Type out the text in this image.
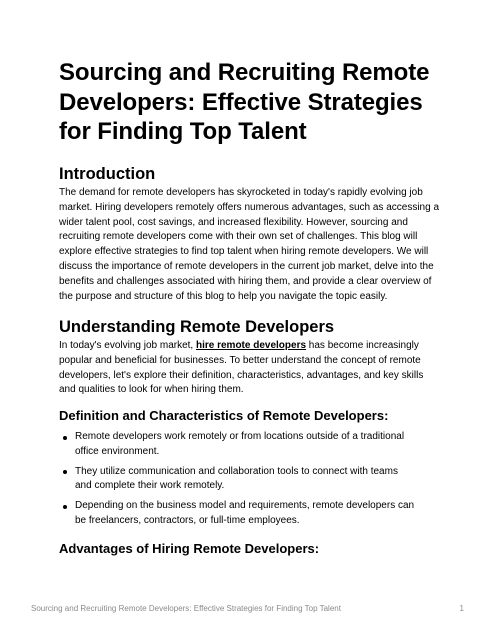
Sourcing and Recruiting Remote Developers: Effective Strategies for Finding Top Talent
Introduction

The demand for remote developers has skyrocketed in today's rapidly evolving job market. Hiring developers remotely offers numerous advantages, such as accessing a wider talent pool, cost savings, and increased flexibility. However, sourcing and recruiting remote developers come with their own set of challenges. This blog will explore effective strategies to find top talent when hiring remote developers. We will discuss the importance of remote developers in the current job market, delve into the benefits and challenges associated with hiring them, and provide a clear overview of the purpose and structure of this blog to help you navigate the topic easily.

Understanding Remote Developers

In today's evolving job market, hire remote developers has become increasingly popular and beneficial for businesses. To better understand the concept of remote developers, let's explore their definition, characteristics, advantages, and key skills and qualities to look for when hiring them.

Definition and Characteristics of Remote Developers:
Remote developers work remotely or from locations outside of a traditional office environment.
They utilize communication and collaboration tools to connect with teams and complete their work remotely.
Depending on the business model and requirements, remote developers can be freelancers, contractors, or full-time employees.
Advantages of Hiring Remote Developers:
Sourcing and Recruiting Remote Developers: Effective Strategies for Finding Top Talent	1
